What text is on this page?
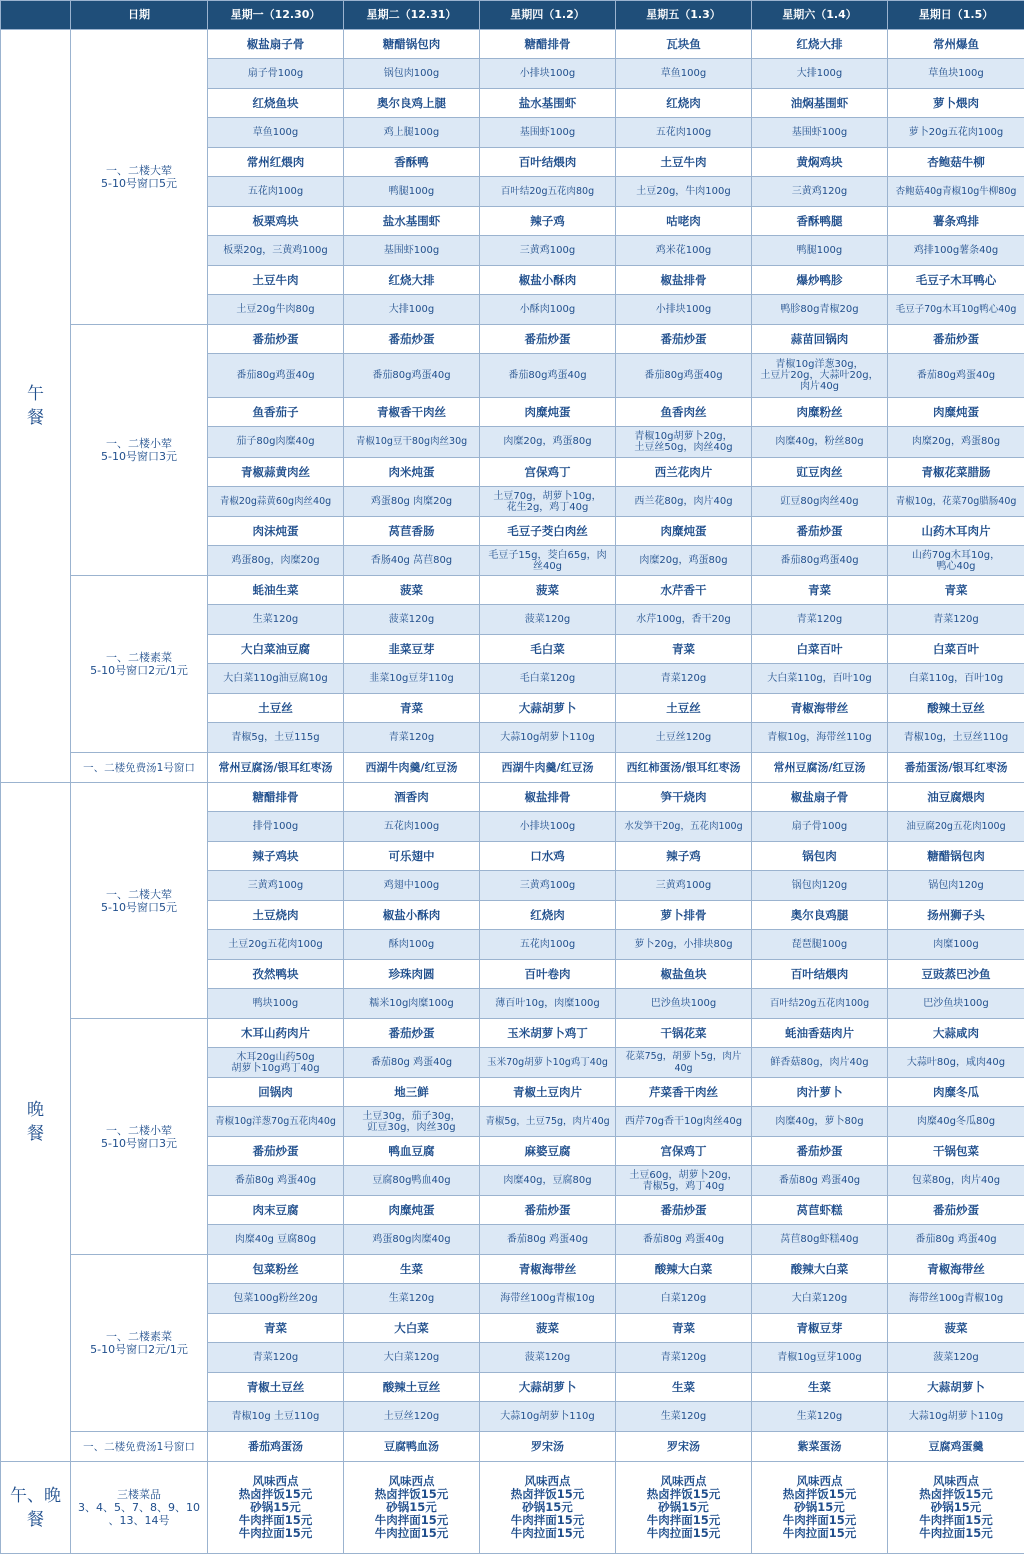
	日期	星期一（12.30）	星期二（12.31）	星期四（1.2）	星期五（1.3）	星期六（1.4）	星期日（1.5）

午
餐	一、二楼大荤
5-10号窗口5元	椒盐扇子骨	糖醋锅包肉	糖醋排骨	瓦块鱼	红烧大排	常州爆鱼
		扇子骨100g	锅包肉100g	小排块100g	草鱼100g	大排100g	草鱼块100g
		红烧鱼块	奥尔良鸡上腿	盐水基围虾	红烧肉	油焖基围虾	萝卜煨肉
		草鱼100g	鸡上腿100g	基围虾100g	五花肉100g	基围虾100g	萝卜20g五花肉100g
		常州红煨肉	香酥鸭	百叶结煨肉	土豆牛肉	黄焖鸡块	杏鲍菇牛柳
		五花肉100g	鸭腿100g	百叶结20g五花肉80g	土豆20g，牛肉100g	三黄鸡120g	杏鲍菇40g青椒10g牛柳80g
		板栗鸡块	盐水基围虾	辣子鸡	咕咾肉	香酥鸭腿	薯条鸡排
		板栗20g，三黄鸡100g	基围虾100g	三黄鸡100g	鸡米花100g	鸭腿100g	鸡排100g薯条40g
		土豆牛肉	红烧大排	椒盐小酥肉	椒盐排骨	爆炒鸭胗	毛豆子木耳鸭心
		土豆20g牛肉80g	大排100g	小酥肉100g	小排块100g	鸭胗80g青椒20g	毛豆子70g木耳10g鸭心40g

	一、二楼小荤
5-10号窗口3元	番茄炒蛋	番茄炒蛋	番茄炒蛋	番茄炒蛋	蒜苗回锅肉	番茄炒蛋
		番茄80g鸡蛋40g	番茄80g鸡蛋40g	番茄80g鸡蛋40g	番茄80g鸡蛋40g	青椒10g洋葱30g，
土豆片20g，大蒜叶20g，
肉片40g	番茄80g鸡蛋40g
		鱼香茄子	青椒香干肉丝	肉糜炖蛋	鱼香肉丝	肉糜粉丝	肉糜炖蛋
		茄子80g肉糜40g	青椒10g豆干80g肉丝30g	肉糜20g，鸡蛋80g	青椒10g胡萝卜20g，
土豆丝50g，肉丝40g	肉糜40g，粉丝80g	肉糜20g，鸡蛋80g
		青椒蒜黄肉丝	肉米炖蛋	宫保鸡丁	西兰花肉片	豇豆肉丝	青椒花菜腊肠
		青椒20g蒜黄60g肉丝40g	鸡蛋80g 肉糜20g	土豆70g，胡萝卜10g，
花生2g，鸡丁40g	西兰花80g，肉片40g	豇豆80g肉丝40g	青椒10g，花菜70g腊肠40g
		肉沫炖蛋	莴苣香肠	毛豆子茭白肉丝	肉糜炖蛋	番茄炒蛋	山药木耳肉片
		鸡蛋80g，肉糜20g	香肠40g 莴苣80g	毛豆子15g，茭白65g，肉
丝40g	肉糜20g，鸡蛋80g	番茄80g鸡蛋40g	山药70g木耳10g，
鸭心40g

	一、二楼素菜
5-10号窗口2元/1元	蚝油生菜	菠菜	菠菜	水芹香干	青菜	青菜
		生菜120g	菠菜120g	菠菜120g	水芹100g，香干20g	青菜120g	青菜120g
		大白菜油豆腐	韭菜豆芽	毛白菜	青菜	白菜百叶	白菜百叶
		大白菜110g油豆腐10g	韭菜10g豆芽110g	毛白菜120g	青菜120g	大白菜110g，百叶10g	白菜110g，百叶10g
		土豆丝	青菜	大蒜胡萝卜	土豆丝	青椒海带丝	酸辣土豆丝
		青椒5g，土豆115g	青菜120g	大蒜10g胡萝卜110g	土豆丝120g	青椒10g，海带丝110g	青椒10g，土豆丝110g
	一、二楼免费汤1号窗口	常州豆腐汤/银耳红枣汤	西湖牛肉羹/红豆汤	西湖牛肉羹/红豆汤	西红柿蛋汤/银耳红枣汤	常州豆腐汤/红豆汤	番茄蛋汤/银耳红枣汤

晚
餐	一、二楼大荤
5-10号窗口5元	糖醋排骨	酒香肉	椒盐排骨	笋干烧肉	椒盐扇子骨	油豆腐煨肉
		排骨100g	五花肉100g	小排块100g	水发笋干20g，五花肉100g	扇子骨100g	油豆腐20g五花肉100g
		辣子鸡块	可乐翅中	口水鸡	辣子鸡	锅包肉	糖醋锅包肉
		三黄鸡100g	鸡翅中100g	三黄鸡100g	三黄鸡100g	锅包肉120g	锅包肉120g
		土豆烧肉	椒盐小酥肉	红烧肉	萝卜排骨	奥尔良鸡腿	扬州狮子头
		土豆20g五花肉100g	酥肉100g	五花肉100g	萝卜20g，小排块80g	琵琶腿100g	肉糜100g
		孜然鸭块	珍珠肉圆	百叶卷肉	椒盐鱼块	百叶结煨肉	豆豉蒸巴沙鱼
		鸭块100g	糯米10g肉糜100g	薄百叶10g，肉糜100g	巴沙鱼块100g	百叶结20g五花肉100g	巴沙鱼块100g

	一、二楼小荤
5-10号窗口3元	木耳山药肉片	番茄炒蛋	玉米胡萝卜鸡丁	干锅花菜	蚝油香菇肉片	大蒜咸肉

		木耳20g山药50g
胡萝卜10g鸡丁40g	番茄80g 鸡蛋40g	玉米70g胡萝卜10g鸡丁40g	花菜75g，胡萝卜5g，肉片40g	鲜香菇80g，肉片40g	大蒜叶80g，咸肉40g
		回锅肉	地三鲜	青椒土豆肉片	芹菜香干肉丝	肉汁萝卜	肉糜冬瓜
		青椒10g洋葱70g五花肉40g	土豆30g，茄子30g，
豇豆30g，肉丝30g	青椒5g，土豆75g，肉片40g	西芹70g香干10g肉丝40g	肉糜40g，萝卜80g	肉糜40g冬瓜80g
		番茄炒蛋	鸭血豆腐	麻婆豆腐	宫保鸡丁	番茄炒蛋	干锅包菜
		番茄80g 鸡蛋40g	豆腐80g鸭血40g	肉糜40g，豆腐80g	土豆60g，胡萝卜20g，
青椒5g，鸡丁40g	番茄80g 鸡蛋40g	包菜80g，肉片40g
		肉末豆腐	肉糜炖蛋	番茄炒蛋	番茄炒蛋	莴苣虾糕	番茄炒蛋
		肉糜40g 豆腐80g	鸡蛋80g肉糜40g	番茄80g 鸡蛋40g	番茄80g 鸡蛋40g	莴苣80g虾糕40g	番茄80g 鸡蛋40g

	一、二楼素菜
5-10号窗口2元/1元	包菜粉丝	生菜	青椒海带丝	酸辣大白菜	酸辣大白菜	青椒海带丝
		包菜100g粉丝20g	生菜120g	海带丝100g青椒10g	白菜120g	大白菜120g	海带丝100g青椒10g
		青菜	大白菜	菠菜	青菜	青椒豆芽	菠菜
		青菜120g	大白菜120g	菠菜120g	青菜120g	青椒10g豆芽100g	菠菜120g
		青椒土豆丝	酸辣土豆丝	大蒜胡萝卜	生菜	生菜	大蒜胡萝卜
		青椒10g 土豆110g	土豆丝120g	大蒜10g胡萝卜110g	生菜120g	生菜120g	大蒜10g胡萝卜110g
	一、二楼免费汤1号窗口	番茄鸡蛋汤	豆腐鸭血汤	罗宋汤	罗宋汤	紫菜蛋汤	豆腐鸡蛋羹

午、晚
餐	三楼菜品
3、4、5、7、8、9、10
、13、14号	风味西点
热卤拌饭15元
砂锅15元
牛肉拌面15元
牛肉拉面15元	风味西点
热卤拌饭15元
砂锅15元
牛肉拌面15元
牛肉拉面15元	风味西点
热卤拌饭15元
砂锅15元
牛肉拌面15元
牛肉拉面15元	风味西点
热卤拌饭15元
砂锅15元
牛肉拌面15元
牛肉拉面15元	风味西点
热卤拌饭15元
砂锅15元
牛肉拌面15元
牛肉拉面15元	风味西点
热卤拌饭15元
砂锅15元
牛肉拌面15元
牛肉拉面15元
